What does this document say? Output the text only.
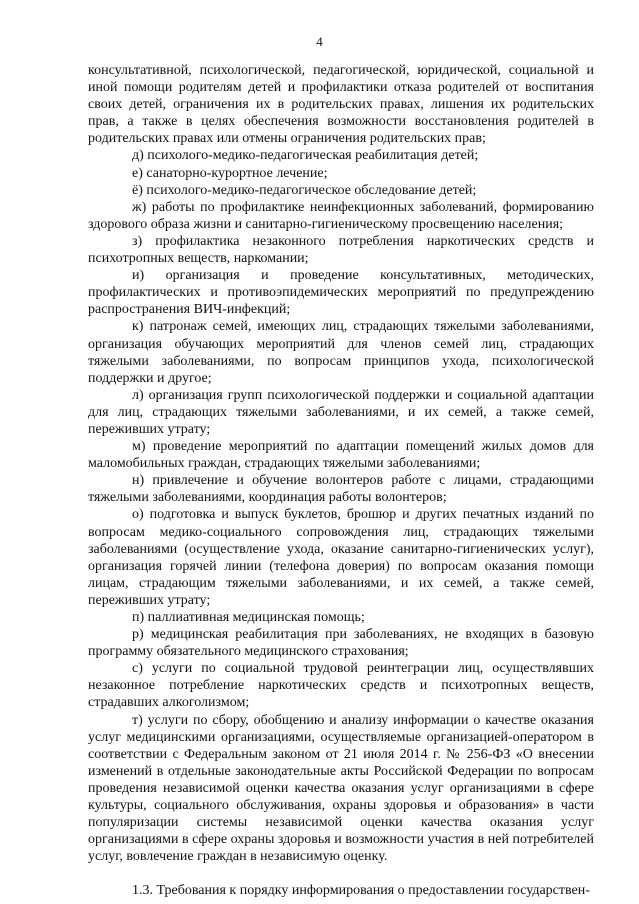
4

консультативной, психологической, педагогической, юридической, социальной и иной помощи родителям детей и профилактики отказа родителей от воспитания своих детей, ограничения их в родительских правах, лишения их родительских прав, а также в целях обеспечения возможности восстановления родителей в родительских правах или отмены ограничения родительских прав;

д) психолого-медико-педагогическая реабилитация детей;

е) санаторно-курортное лечение;

ё) психолого-медико-педагогическое обследование детей;

ж) работы по профилактике неинфекционных заболеваний, формированию здорового образа жизни и санитарно-гигиеническому просвещению населения;

з) профилактика незаконного потребления наркотических средств и психотропных веществ, наркомании;

и) организация и проведение консультативных, методических, профилактических и противоэпидемических мероприятий по предупреждению распространения ВИЧ-инфекций;

к) патронаж семей, имеющих лиц, страдающих тяжелыми заболеваниями, организация обучающих мероприятий для членов семей лиц, страдающих тяжелыми заболеваниями, по вопросам принципов ухода, психологической поддержки и другое;

л) организация групп психологической поддержки и социальной адаптации для лиц, страдающих тяжелыми заболеваниями, и их семей, а также семей, переживших утрату;

м) проведение мероприятий по адаптации помещений жилых домов для маломобильных граждан, страдающих тяжелыми заболеваниями;

н) привлечение и обучение волонтеров работе с лицами, страдающими тяжелыми заболеваниями, координация работы волонтеров;

о) подготовка и выпуск буклетов, брошюр и других печатных изданий по вопросам медико-социального сопровождения лиц, страдающих тяжелыми заболеваниями (осуществление ухода, оказание санитарно-гигиенических услуг), организация горячей линии (телефона доверия) по вопросам оказания помощи лицам, страдающим тяжелыми заболеваниями, и их семей, а также семей, переживших утрату;

п) паллиативная медицинская помощь;

р) медицинская реабилитация при заболеваниях, не входящих в базовую программу обязательного медицинского страхования;

с) услуги по социальной трудовой реинтеграции лиц, осуществлявших незаконное потребление наркотических средств и психотропных веществ, страдавших алкоголизмом;

т) услуги по сбору, обобщению и анализу информации о качестве оказания услуг медицинскими организациями, осуществляемые организацией-оператором в соответствии с Федеральным законом от 21 июля 2014 г. № 256-ФЗ «О внесении изменений в отдельные законодательные акты Российской Федерации по вопросам проведения независимой оценки качества оказания услуг организациями в сфере культуры, социального обслуживания, охраны здоровья и образования» в части популяризации системы независимой оценки качества оказания услуг организациями в сфере охраны здоровья и возможности участия в ней потребителей услуг, вовлечение граждан в независимую оценку.

1.3. Требования к порядку информирования о предоставлении государствен-
